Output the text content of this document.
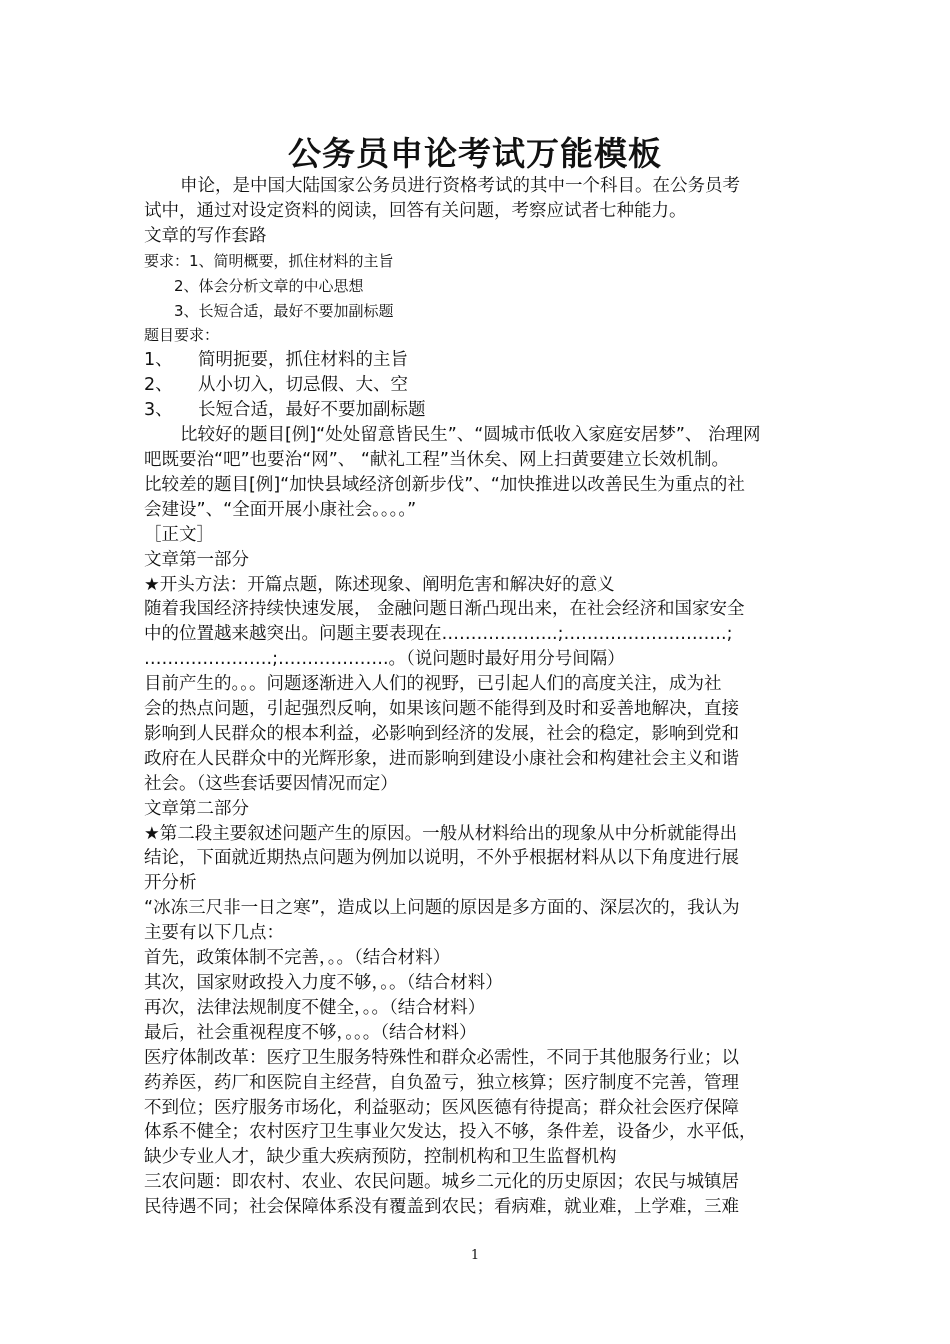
公务员申论考试万能模板

申论，是中国大陆国家公务员进行资格考试的其中一个科目。在公务员考

试中，通过对设定资料的阅读，回答有关问题，考察应试者七种能力。

文章的写作套路

要求：1、简明概要，抓住材料的主旨

2、体会分析文章的中心思想

3、长短合适，最好不要加副标题

题目要求：

1、 简明扼要，抓住材料的主旨

2、 从小切入，切忌假、大、空

3、 长短合适，最好不要加副标题

比较好的题目[例]“处处留意皆民生”、“圆城市低收入家庭安居梦”、 治理网

吧既要治“吧”也要治“网”、 “献礼工程”当休矣、网上扫黄要建立长效机制。

比较差的题目[例]“加快县域经济创新步伐”、“加快推进以改善民生为重点的社

会建设”、“全面开展小康社会。。。。”

［正文］

文章第一部分

★开头方法：开篇点题，陈述现象、阐明危害和解决好的意义

随着我国经济持续快速发展， 金融问题日渐凸现出来，在社会经济和国家安全

中的位置越来越突出。问题主要表现在………………..;……………………….;

………………….;……………….。（说问题时最好用分号间隔）

目前产生的。。。问题逐渐进入人们的视野，已引起人们的高度关注，成为社

会的热点问题，引起强烈反响，如果该问题不能得到及时和妥善地解决，直接

影响到人民群众的根本利益，必影响到经济的发展，社会的稳定，影响到党和

政府在人民群众中的光辉形象，进而影响到建设小康社会和构建社会主义和谐

社会。（这些套话要因情况而定）

文章第二部分

★第二段主要叙述问题产生的原因。一般从材料给出的现象从中分析就能得出

结论，下面就近期热点问题为例加以说明，不外乎根据材料从以下角度进行展

开分析

“冰冻三尺非一日之寒”，造成以上问题的原因是多方面的、深层次的，我认为

主要有以下几点：

首先，政策体制不完善，。。（结合材料）

其次，国家财政投入力度不够，。。（结合材料）

再次，法律法规制度不健全，。。（结合材料）

最后，社会重视程度不够，。。。（结合材料）

医疗体制改革：医疗卫生服务特殊性和群众必需性，不同于其他服务行业；以

药养医，药厂和医院自主经营，自负盈亏，独立核算；医疗制度不完善，管理

不到位；医疗服务市场化，利益驱动；医风医德有待提高；群众社会医疗保障

体系不健全；农村医疗卫生事业欠发达，投入不够，条件差，设备少，水平低，

缺少专业人才，缺少重大疾病预防，控制机构和卫生监督机构

三农问题：即农村、农业、农民问题。城乡二元化的历史原因；农民与城镇居

民待遇不同；社会保障体系没有覆盖到农民；看病难，就业难，上学难，三难

1
